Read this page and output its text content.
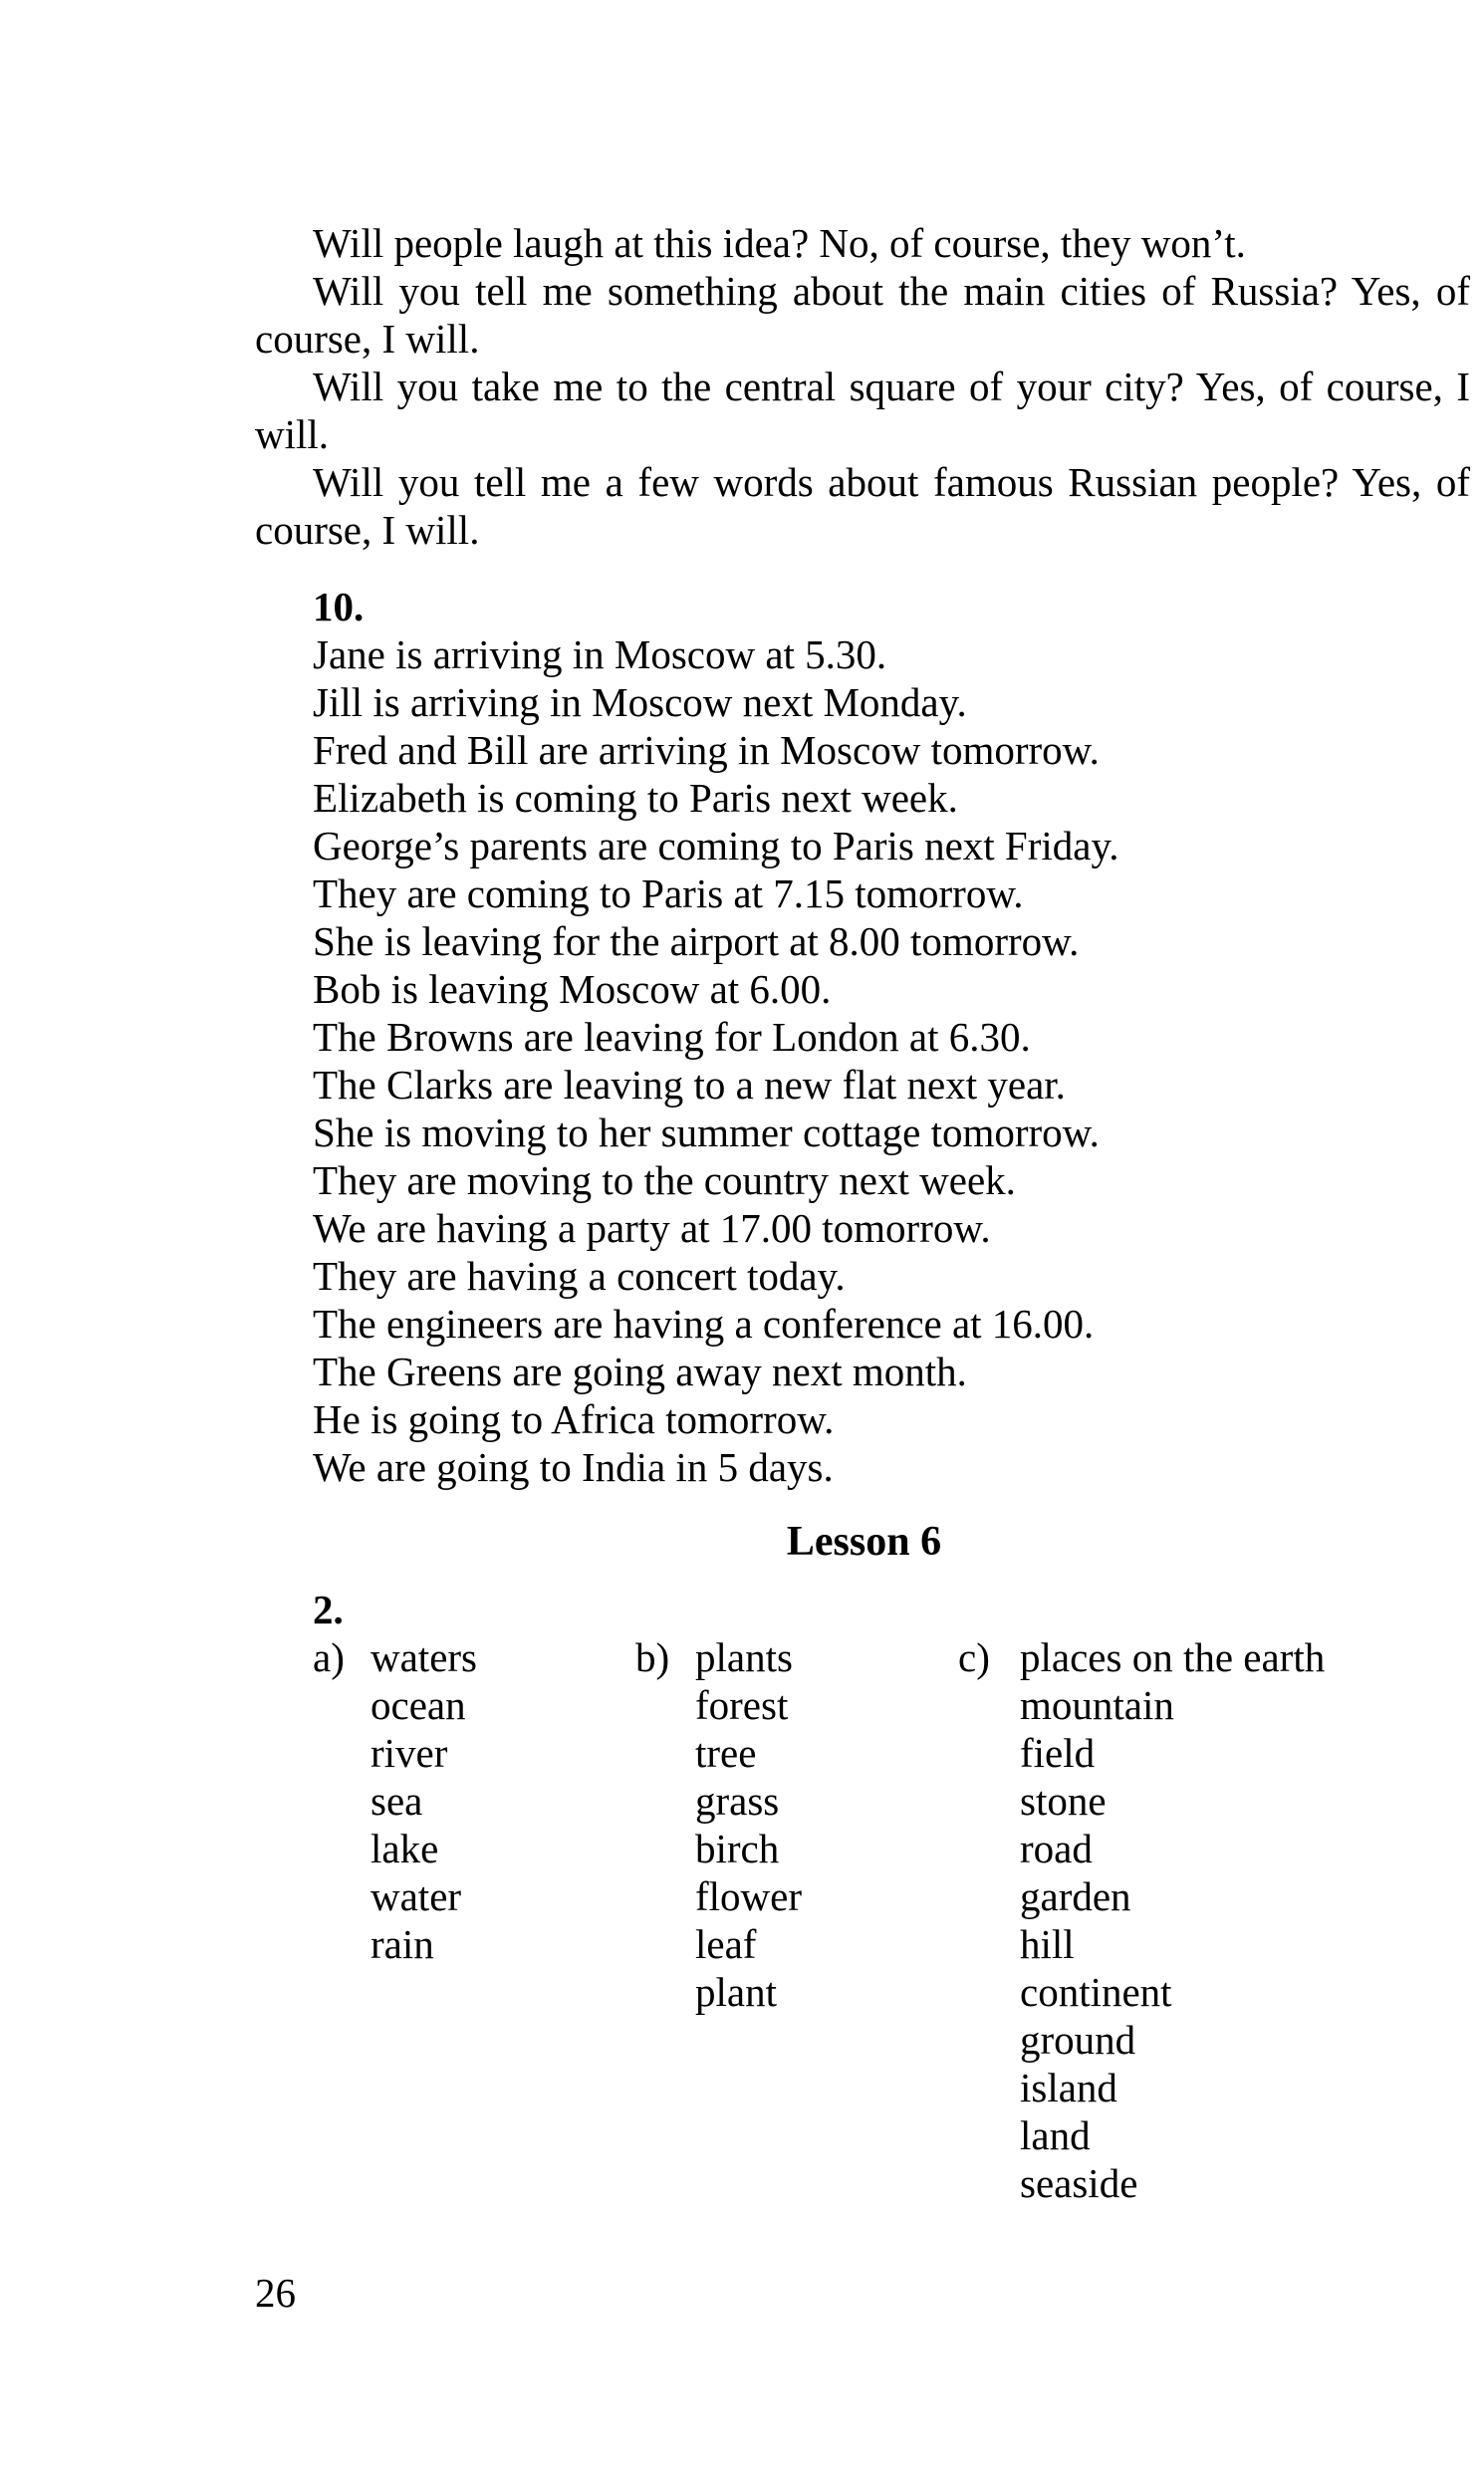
Will people laugh at this idea? No, of course, they won’t.
Will you tell me something about the main cities of Russia? Yes, of course, I will.
Will you take me to the central square of your city? Yes, of course, I will.
Will you tell me a few words about famous Russian people? Yes, of course, I will.
10.
Jane is arriving in Moscow at 5.30.
Jill is arriving in Moscow next Monday.
Fred and Bill are arriving in Moscow tomorrow.
Elizabeth is coming to Paris next week.
George’s parents are coming to Paris next Friday.
They are coming to Paris at 7.15 tomorrow.
She is leaving for the airport at 8.00 tomorrow.
Bob is leaving Moscow at 6.00.
The Browns are leaving for London at 6.30.
The Clarks are leaving to a new flat next year.
She is moving to her summer cottage tomorrow.
They are moving to the country next week.
We are having a party at 17.00 tomorrow.
They are having a concert today.
The engineers are having a conference at 16.00.
The Greens are going away next month.
He is going to Africa tomorrow.
We are going to India in 5 days.
Lesson 6
2.
a) waters
ocean
river
sea
lake
water
rain
b) plants
forest
tree
grass
birch
flower
leaf
plant
c) places on the earth
mountain
field
stone
road
garden
hill
continent
ground
island
land
seaside
26
